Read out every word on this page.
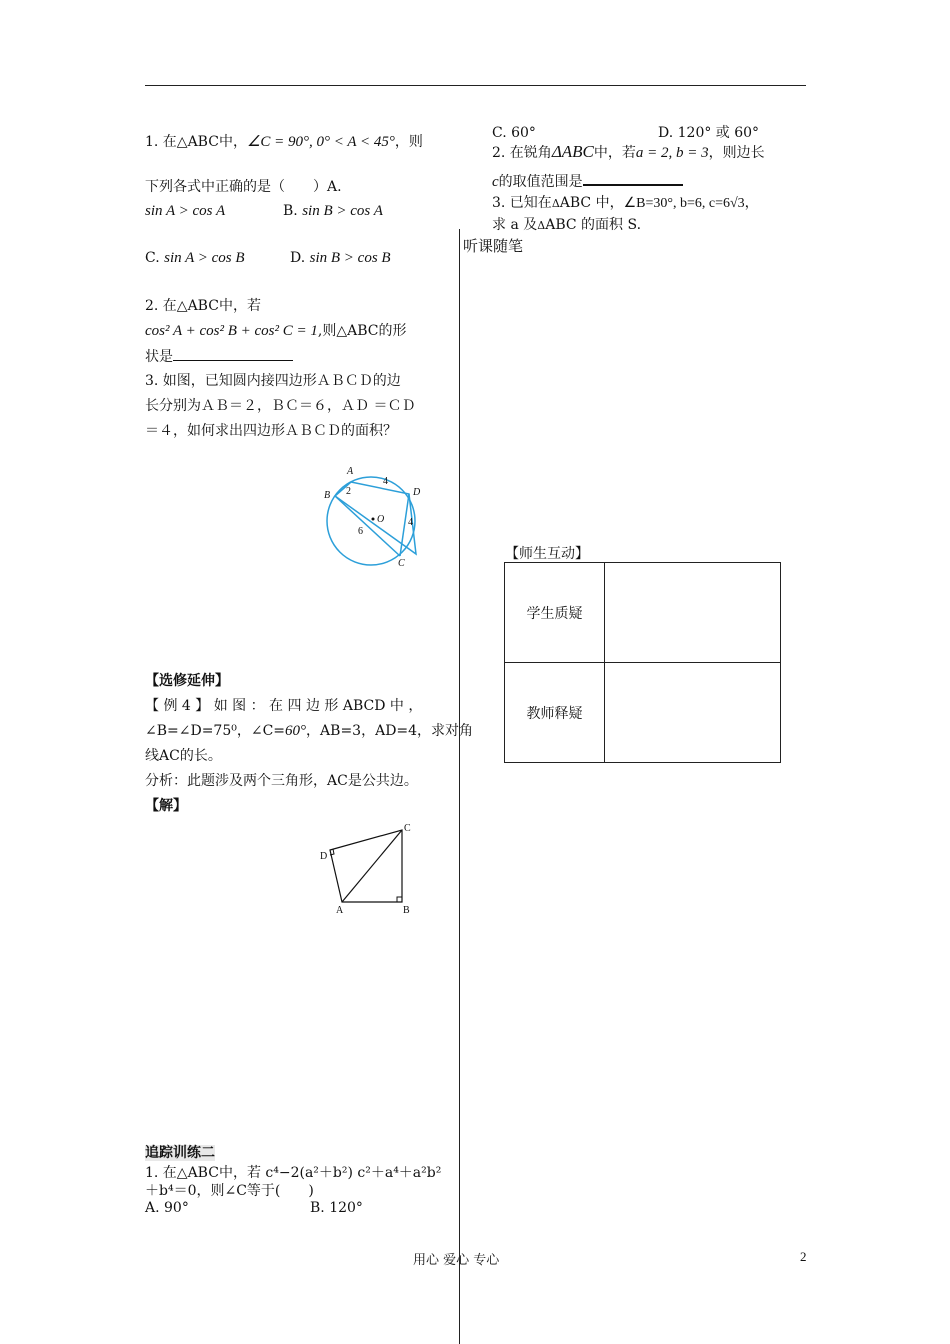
1. 在△ABC中，∠C = 90°, 0° < A < 45°，则
下列各式中正确的是（　　）A.
sin A > cos A	B. sin B > cos A
C. sin A > cos B	D. sin B > cos B
2. 在△ABC中，若
cos² A + cos² B + cos² C = 1,则△ABC的形
状是
3. 如图，已知圆内接四边形ＡＢＣＤ的边
长分别为ＡＢ＝２，ＢＣ＝６，ＡＤ ＝ＣＤ
＝４，如何求出四边形ＡＢＣＤ的面积？
A
B
C
D
O
2
4
4
6
【选修延伸】
【 例 4 】 如 图 ： 在 四 边 形 ABCD 中 ，
∠B=∠D=75⁰，∠C=60°，AB=3，AD=4，求对角
线AC的长。
分析：此题涉及两个三角形，AC是公共边。
【解】
A	B
C
D
追踪训练二
1. 在△ABC中，若 c⁴−2(a²＋b²) c²＋a⁴＋a²b²
＋b⁴＝0，则∠C等于(　　)
A. 90°	B. 120°
C. 60°	D. 120° 或 60°
2. 在锐角ΔABC中，若a = 2, b = 3，则边长
c的取值范围是
3. 已知在ΔABC 中，∠B=30°, b=6, c=6√3，
求 a 及ΔABC 的面积 S.
听课随笔
【师生互动】
学生质疑	
教师释疑	
用心 爱心 专心	2
